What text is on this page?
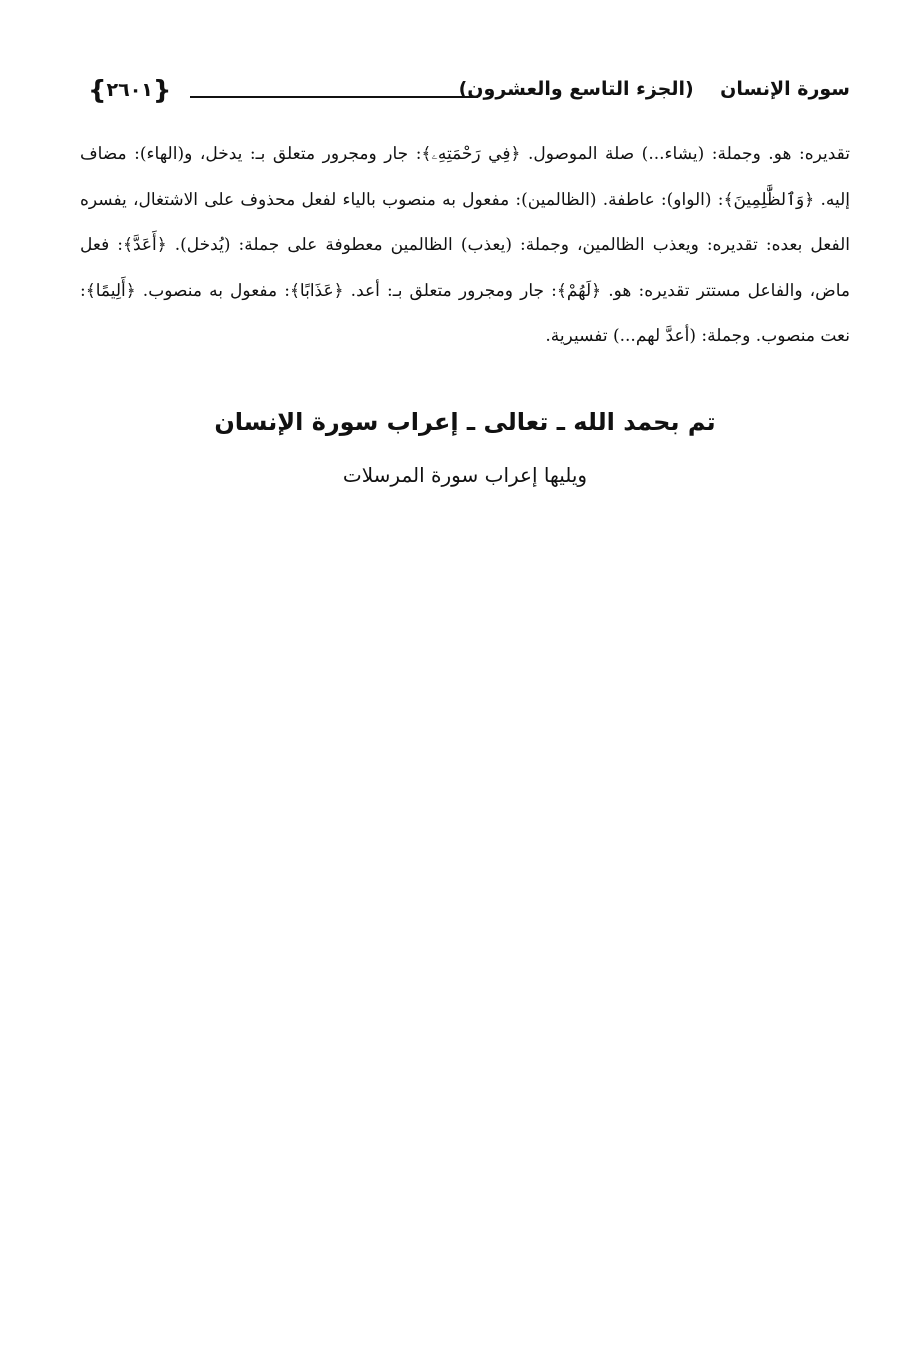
سورة الإنسان    (الجزء التاسع والعشرون)
{٢٦٠١}

تقديره: هو. وجملة: (يشاء...) صلة الموصول. ﴿فِي رَحْمَتِهِۦ﴾: جار ومجرور متعلق بـ: يدخل، و(الهاء): مضاف إليه. ﴿وَٱلظَّٰلِمِينَ﴾: (الواو): عاطفة. (الظالمين): مفعول به منصوب بالياء لفعل محذوف على الاشتغال، يفسره الفعل بعده: تقديره: ويعذب الظالمين، وجملة: (يعذب) الظالمين معطوفة على جملة: (يُدخل). ﴿أَعَدَّ﴾: فعل ماض، والفاعل مستتر تقديره: هو. ﴿لَهُمْ﴾: جار ومجرور متعلق بـ: أعد. ﴿عَذَابًا﴾: مفعول به منصوب. ﴿أَلِيمًا﴾: نعت منصوب. وجملة: (أعدَّ لهم...) تفسيرية.

تم بحمد الله ـ تعالى ـ إعراب سورة الإنسان

ويليها إعراب سورة المرسلات
